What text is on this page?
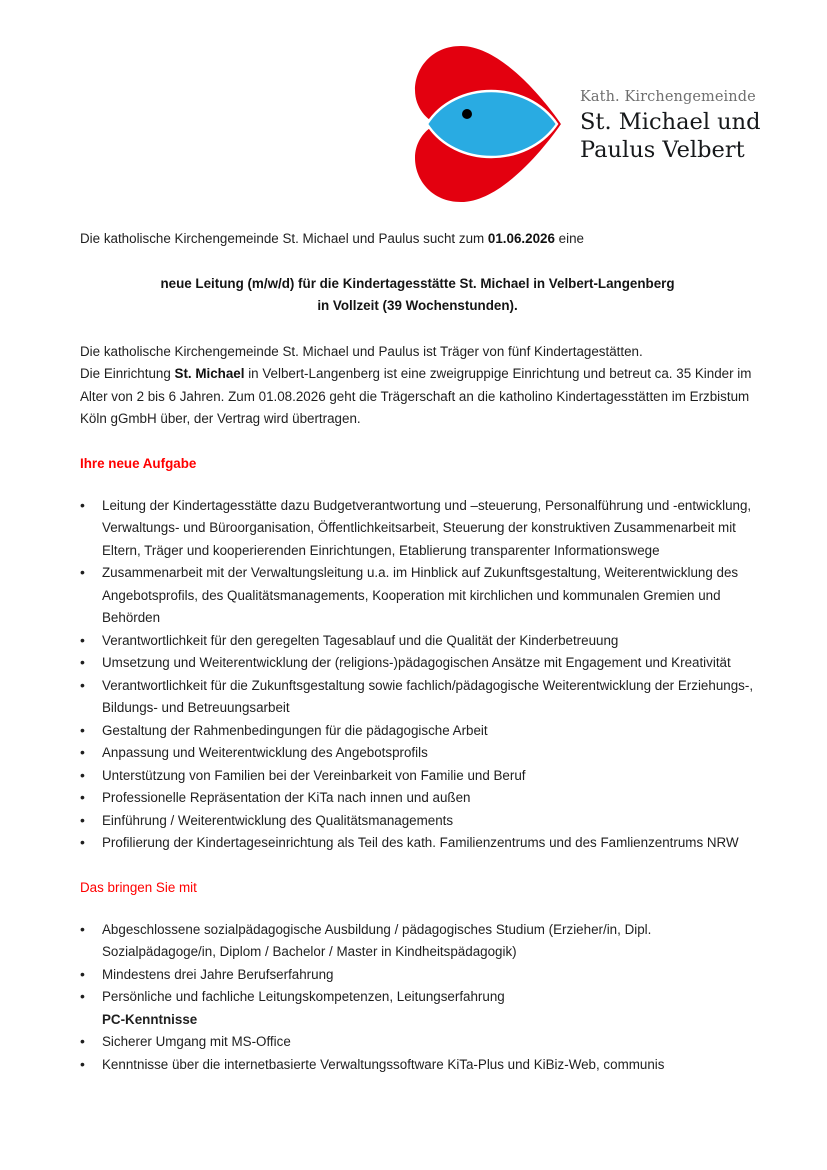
Kath. Kirchengemeinde
St. Michael und
Paulus Velbert

Die katholische Kirchengemeinde St. Michael und Paulus sucht zum 01.06.2026 eine

neue Leitung (m/w/d) für die Kindertagesstätte St. Michael in Velbert-Langenberg
in Vollzeit (39 Wochenstunden).

Die katholische Kirchengemeinde St. Michael und Paulus ist Träger von fünf Kindertagestätten.

Die Einrichtung St. Michael in Velbert-Langenberg ist eine zweigruppige Einrichtung und betreut ca. 35 Kinder im Alter von 2 bis 6 Jahren. Zum 01.08.2026 geht die Trägerschaft an die katholino Kindertagesstätten im Erzbistum Köln gGmbH über, der Vertrag wird übertragen.

Ihre neue Aufgabe

• Leitung der Kindertagesstätte dazu Budgetverantwortung und –steuerung, Personalführung und -entwicklung, Verwaltungs- und Büroorganisation, Öffentlichkeitsarbeit, Steuerung der konstruktiven Zusammenarbeit mit Eltern, Träger und kooperierenden Einrichtungen, Etablierung transparenter Informationswege
• Zusammenarbeit mit der Verwaltungsleitung u.a. im Hinblick auf Zukunftsgestaltung, Weiterentwicklung des Angebotsprofils, des Qualitätsmanagements, Kooperation mit kirchlichen und kommunalen Gremien und Behörden
• Verantwortlichkeit für den geregelten Tagesablauf und die Qualität der Kinderbetreuung
• Umsetzung und Weiterentwicklung der (religions-)pädagogischen Ansätze mit Engagement und Kreativität
• Verantwortlichkeit für die Zukunftsgestaltung sowie fachlich/pädagogische Weiterentwicklung der Erziehungs-, Bildungs- und Betreuungsarbeit
• Gestaltung der Rahmenbedingungen für die pädagogische Arbeit
• Anpassung und Weiterentwicklung des Angebotsprofils
• Unterstützung von Familien bei der Vereinbarkeit von Familie und Beruf
• Professionelle Repräsentation der KiTa nach innen und außen
• Einführung / Weiterentwicklung des Qualitätsmanagements
• Profilierung der Kindertageseinrichtung als Teil des kath. Familienzentrums und des Famlienzentrums NRW

Das bringen Sie mit

• Abgeschlossene sozialpädagogische Ausbildung / pädagogisches Studium (Erzieher/in, Dipl. Sozialpädagoge/in, Diplom / Bachelor / Master in Kindheitspädagogik)
• Mindestens drei Jahre Berufserfahrung
• Persönliche und fachliche Leitungskompetenzen, Leitungserfahrung
PC-Kenntnisse
• Sicherer Umgang mit MS-Office
• Kenntnisse über die internetbasierte Verwaltungssoftware KiTa-Plus und KiBiz-Web, communis
